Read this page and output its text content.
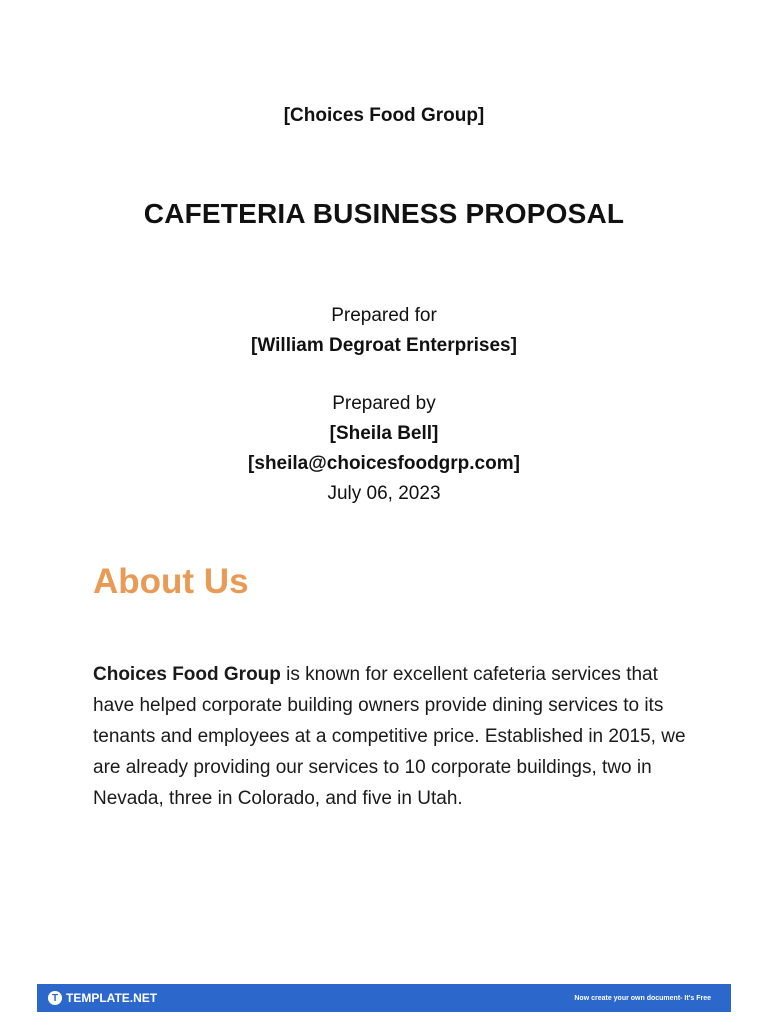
[Choices Food Group]
CAFETERIA BUSINESS PROPOSAL
Prepared for
[William Degroat Enterprises]
Prepared by
[Sheila Bell]
[sheila@choicesfoodgrp.com]
July 06, 2023
About Us
Choices Food Group is known for excellent cafeteria services that have helped corporate building owners provide dining services to its tenants and employees at a competitive price. Established in 2015, we are already providing our services to 10 corporate buildings, two in Nevada, three in Colorado, and five in Utah.
T TEMPLATE.NET	Now create your own document- It's Free
